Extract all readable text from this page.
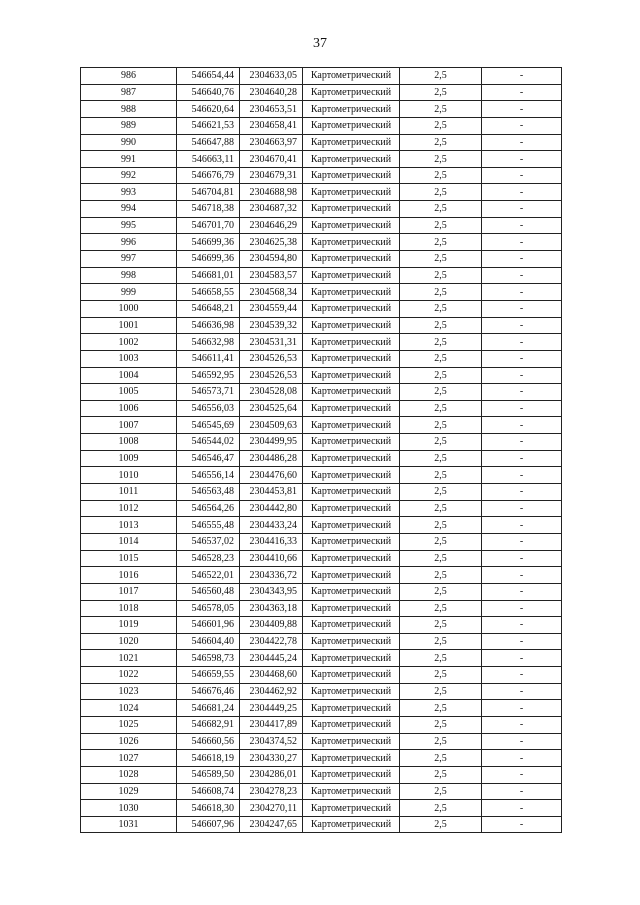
37
986	546654,44	2304633,05	Картометрический	2,5	-
987	546640,76	2304640,28	Картометрический	2,5	-
988	546620,64	2304653,51	Картометрический	2,5	-
989	546621,53	2304658,41	Картометрический	2,5	-
990	546647,88	2304663,97	Картометрический	2,5	-
991	546663,11	2304670,41	Картометрический	2,5	-
992	546676,79	2304679,31	Картометрический	2,5	-
993	546704,81	2304688,98	Картометрический	2,5	-
994	546718,38	2304687,32	Картометрический	2,5	-
995	546701,70	2304646,29	Картометрический	2,5	-
996	546699,36	2304625,38	Картометрический	2,5	-
997	546699,36	2304594,80	Картометрический	2,5	-
998	546681,01	2304583,57	Картометрический	2,5	-
999	546658,55	2304568,34	Картометрический	2,5	-
1000	546648,21	2304559,44	Картометрический	2,5	-
1001	546636,98	2304539,32	Картометрический	2,5	-
1002	546632,98	2304531,31	Картометрический	2,5	-
1003	546611,41	2304526,53	Картометрический	2,5	-
1004	546592,95	2304526,53	Картометрический	2,5	-
1005	546573,71	2304528,08	Картометрический	2,5	-
1006	546556,03	2304525,64	Картометрический	2,5	-
1007	546545,69	2304509,63	Картометрический	2,5	-
1008	546544,02	2304499,95	Картометрический	2,5	-
1009	546546,47	2304486,28	Картометрический	2,5	-
1010	546556,14	2304476,60	Картометрический	2,5	-
1011	546563,48	2304453,81	Картометрический	2,5	-
1012	546564,26	2304442,80	Картометрический	2,5	-
1013	546555,48	2304433,24	Картометрический	2,5	-
1014	546537,02	2304416,33	Картометрический	2,5	-
1015	546528,23	2304410,66	Картометрический	2,5	-
1016	546522,01	2304336,72	Картометрический	2,5	-
1017	546560,48	2304343,95	Картометрический	2,5	-
1018	546578,05	2304363,18	Картометрический	2,5	-
1019	546601,96	2304409,88	Картометрический	2,5	-
1020	546604,40	2304422,78	Картометрический	2,5	-
1021	546598,73	2304445,24	Картометрический	2,5	-
1022	546659,55	2304468,60	Картометрический	2,5	-
1023	546676,46	2304462,92	Картометрический	2,5	-
1024	546681,24	2304449,25	Картометрический	2,5	-
1025	546682,91	2304417,89	Картометрический	2,5	-
1026	546660,56	2304374,52	Картометрический	2,5	-
1027	546618,19	2304330,27	Картометрический	2,5	-
1028	546589,50	2304286,01	Картометрический	2,5	-
1029	546608,74	2304278,23	Картометрический	2,5	-
1030	546618,30	2304270,11	Картометрический	2,5	-
1031	546607,96	2304247,65	Картометрический	2,5	-
